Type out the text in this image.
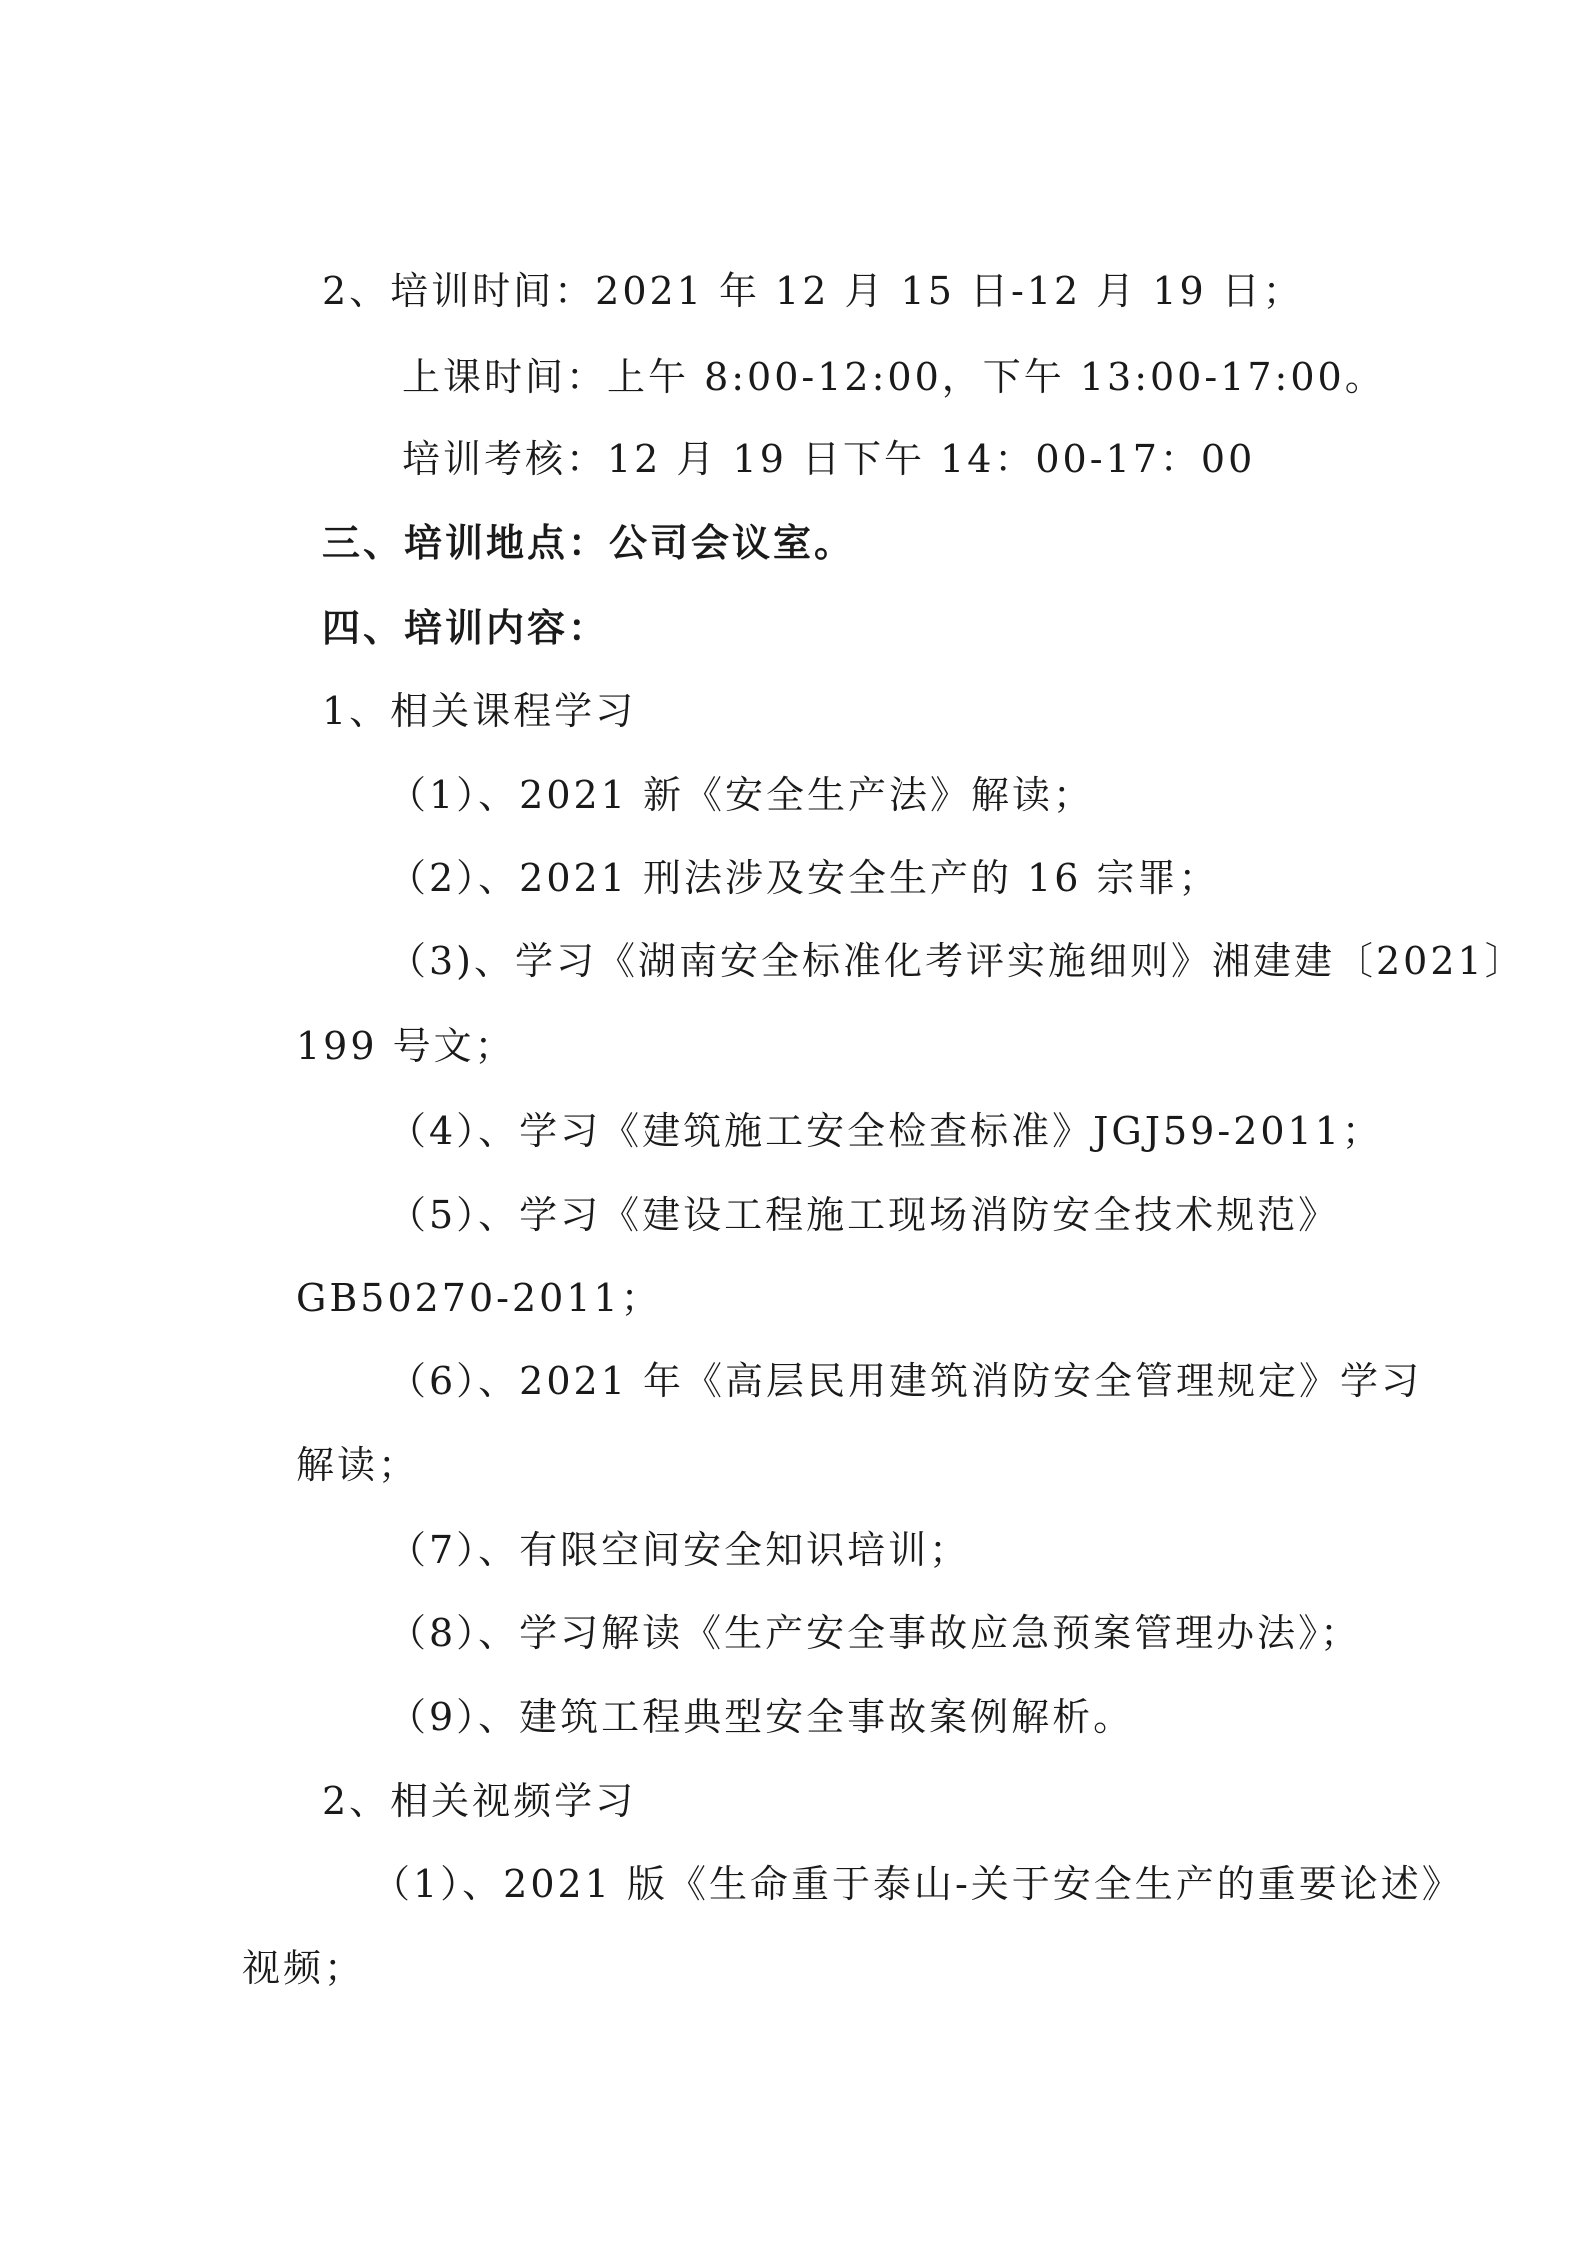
2、培训时间：2021 年 12 月 15 日-12 月 19 日；
上课时间：上午 8:00-12:00，下午 13:00-17:00。
培训考核：12 月 19 日下午 14：00-17：00
三、培训地点：公司会议室。
四、培训内容：
1、相关课程学习
（1）、2021 新《安全生产法》解读；
（2）、2021 刑法涉及安全生产的 16 宗罪；
（3)、学习《湖南安全标准化考评实施细则》湘建建〔2021〕
199 号文；
（4）、学习《建筑施工安全检查标准》JGJ59-2011；
（5）、学习《建设工程施工现场消防安全技术规范》
GB50270-2011；
（6）、2021 年《高层民用建筑消防安全管理规定》学习
解读；
（7）、有限空间安全知识培训；
（8）、学习解读《生产安全事故应急预案管理办法》；
（9）、建筑工程典型安全事故案例解析。
2、相关视频学习
（1）、2021 版《生命重于泰山-关于安全生产的重要论述》
视频；
